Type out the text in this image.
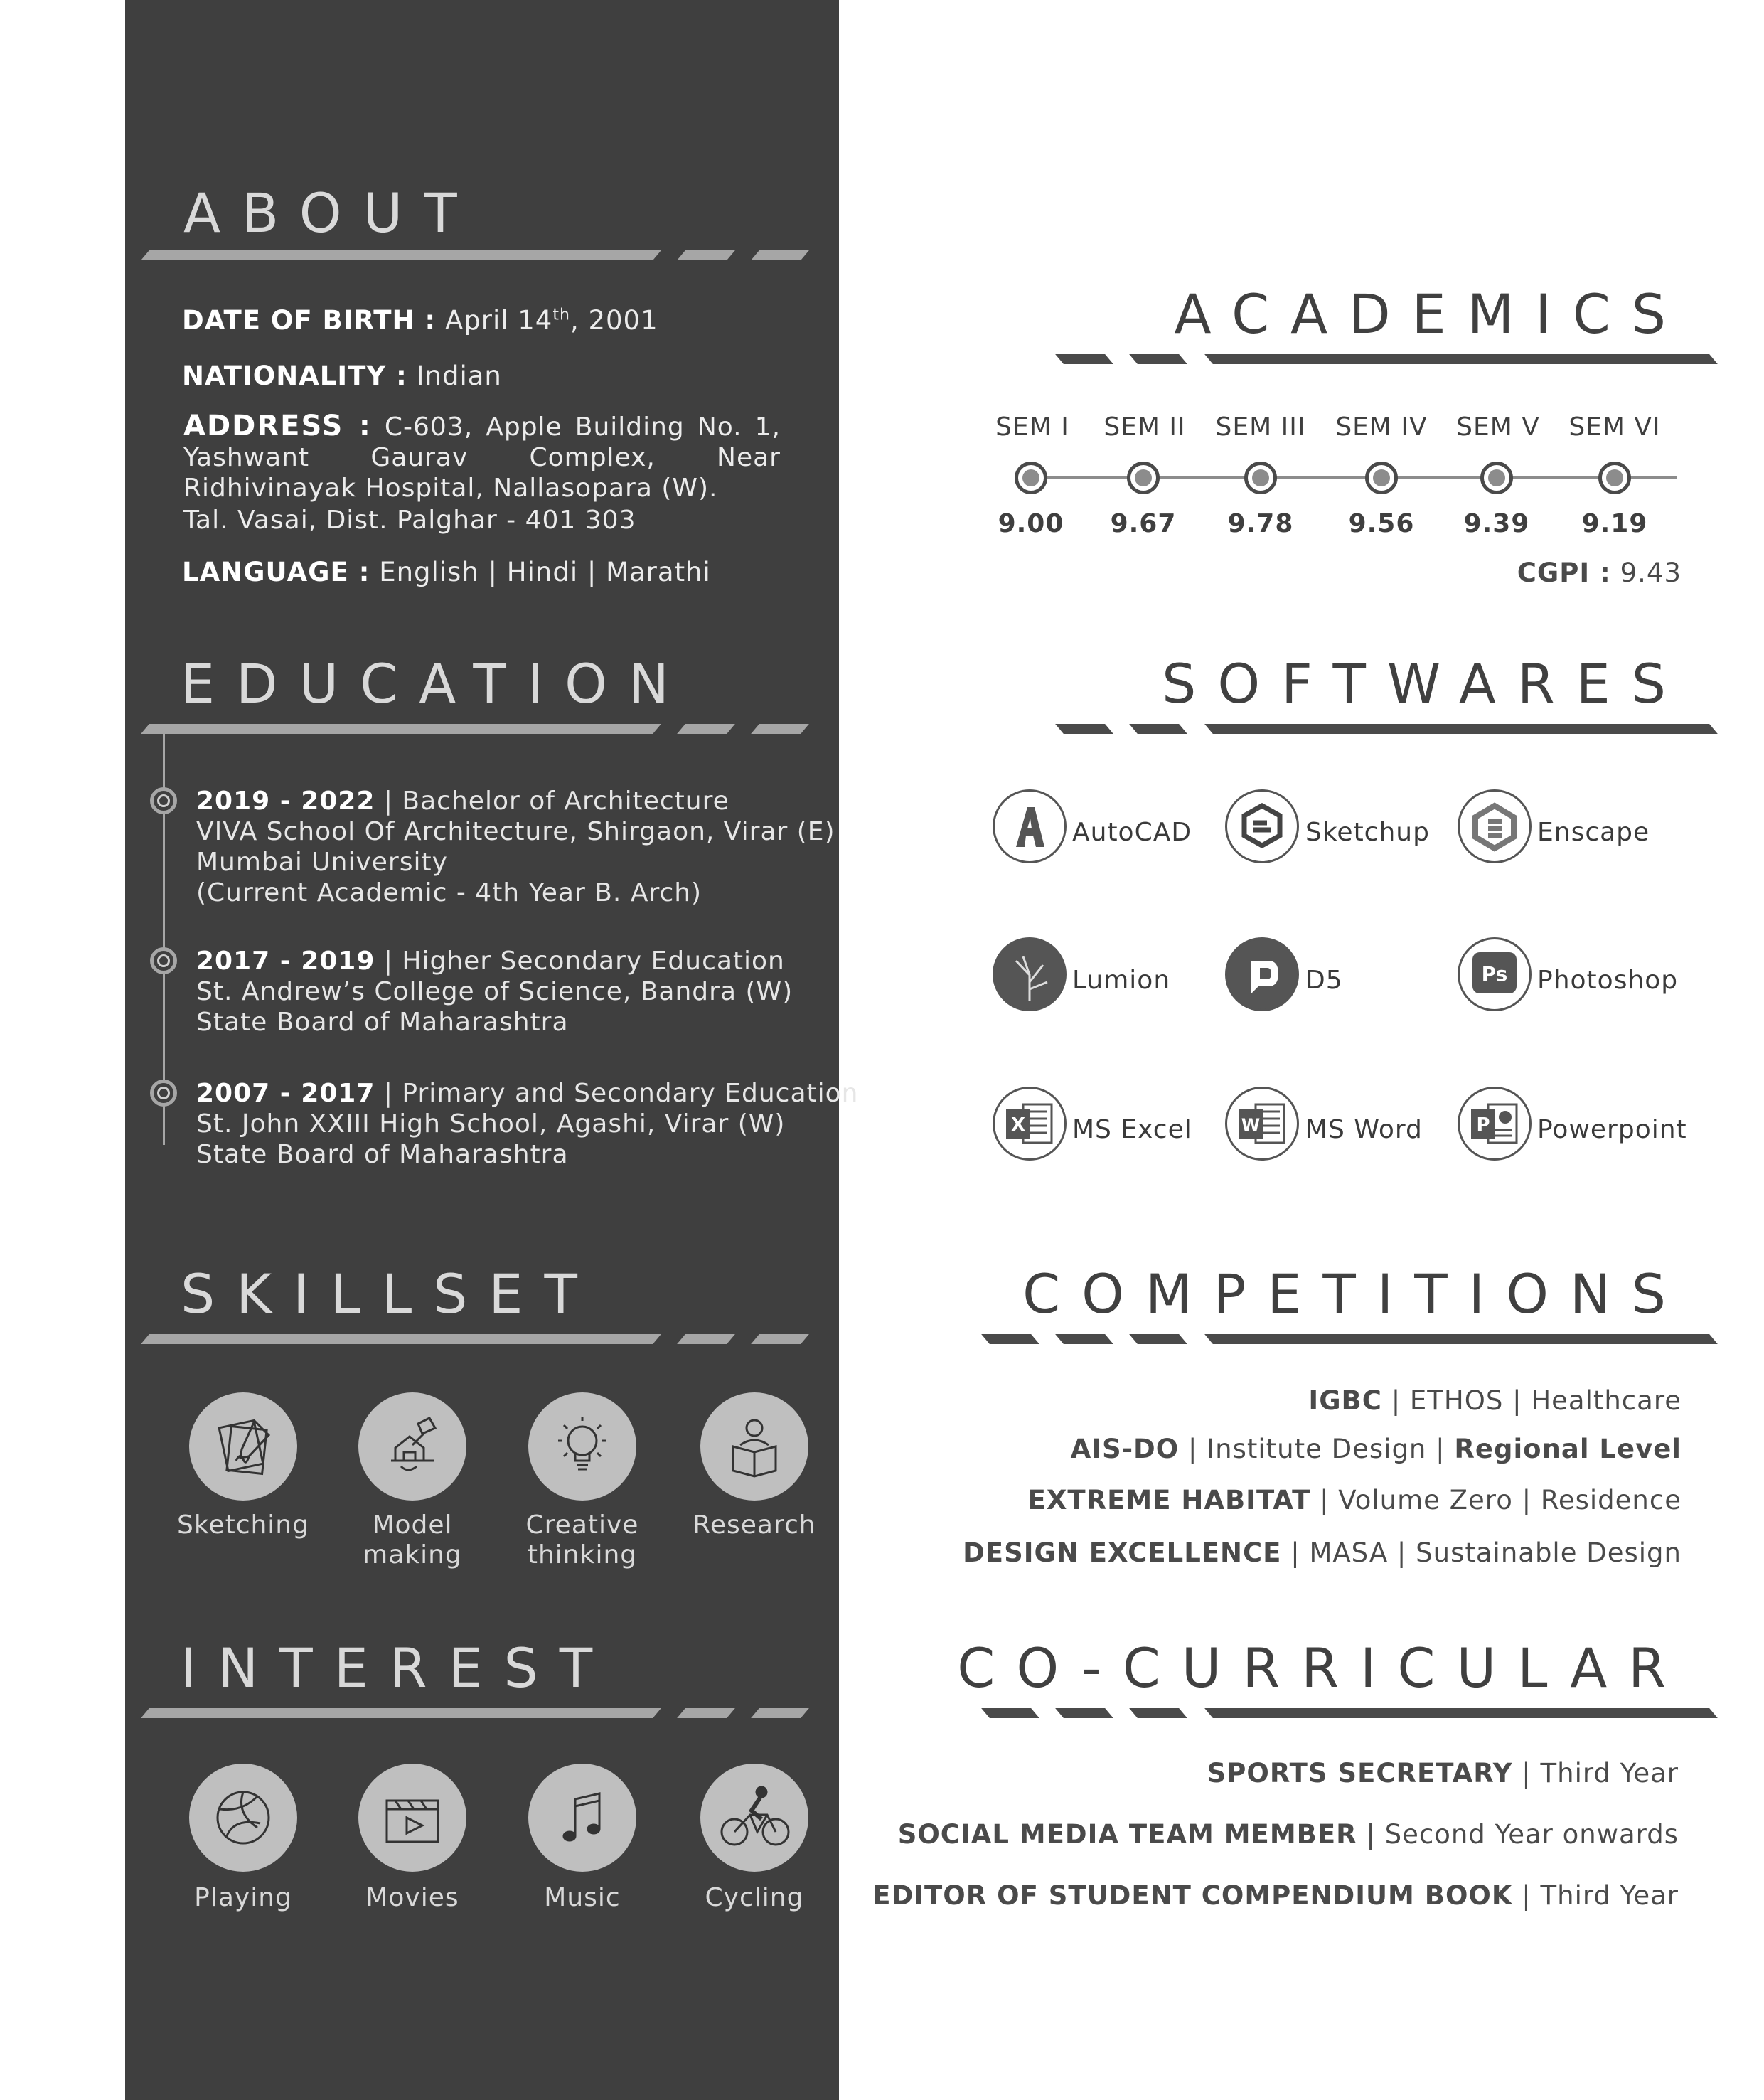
ABOUT
DATE OF BIRTH : April 14th, 2001
NATIONALITY : Indian
ADDRESS : C-603, Apple Building No. 1, Yashwant Gaurav Complex, Near Ridhivinayak Hospital, Nallasopara (W).
Tal. Vasai, Dist. Palghar - 401 303
LANGUAGE : English | Hindi | Marathi
EDUCATION
2019 - 2022 | Bachelor of Architecture
VIVA School Of Architecture, Shirgaon, Virar (E)
Mumbai University
(Current Academic - 4th Year B. Arch)
2017 - 2019 | Higher Secondary Education
St. Andrew’s College of Science, Bandra (W)
State Board of Maharashtra
2007 - 2017 | Primary and Secondary Education
St. John XXIII High School, Agashi, Virar (W)
State Board of Maharashtra
SKILLSET
Sketching	Model making
Creative thinking
Research
INTEREST
Playing	Movies	Music	Cycling
ACADEMICS
SEM I	SEM II	SEM III	SEM IV	SEM V	SEM VI
9.00	9.67	9.78	9.56	9.39	9.19
CGPI : 9.43
SOFTWARES
AutoCAD	Sketchup	Enscape
Lumion	D5	Ps Photoshop
X MS Excel	W MS Word	P Powerpoint
COMPETITIONS
IGBC | ETHOS | Healthcare
AIS-DO | Institute Design | Regional Level
EXTREME HABITAT | Volume Zero | Residence
DESIGN EXCELLENCE | MASA | Sustainable Design
CO-CURRICULAR
SPORTS SECRETARY | Third Year
SOCIAL MEDIA TEAM MEMBER | Second Year onwards
EDITOR OF STUDENT COMPENDIUM BOOK | Third Year
